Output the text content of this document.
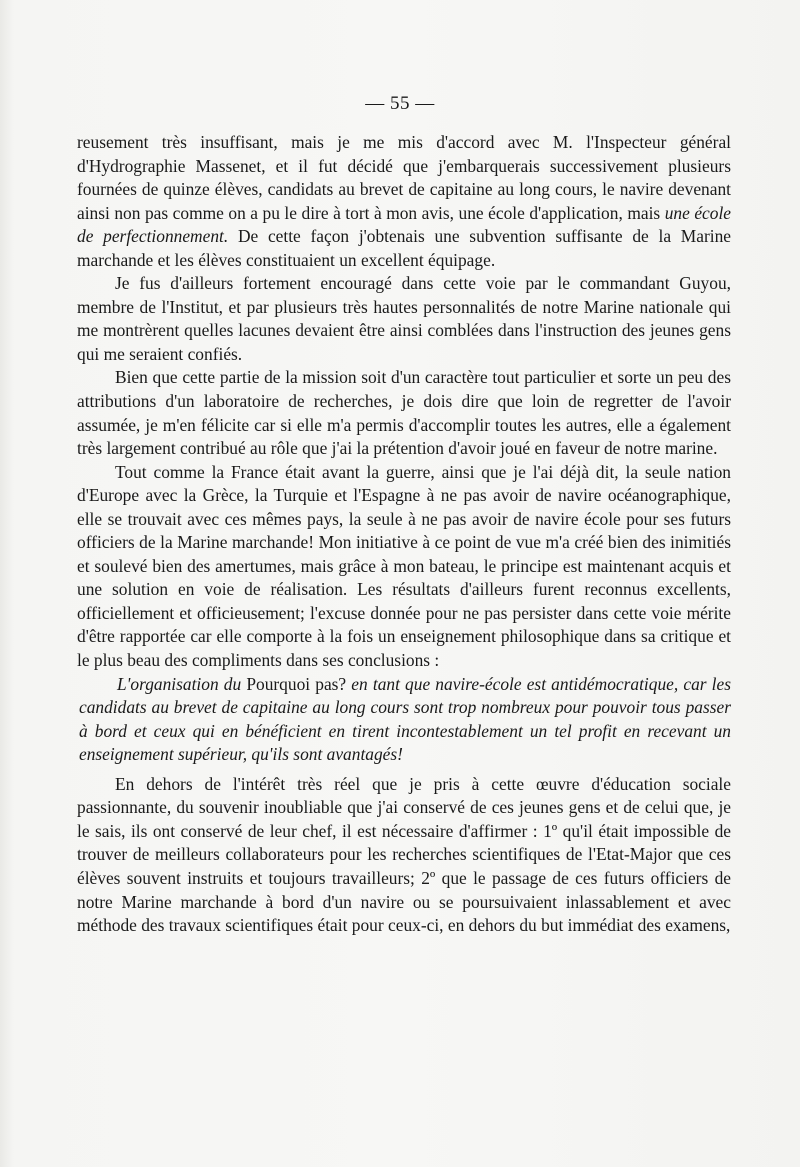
— 55 —

reusement très insuffisant, mais je me mis d'accord avec M. l'Inspecteur général d'Hydrographie Massenet, et il fut décidé que j'embarquerais successivement plusieurs fournées de quinze élèves, candidats au brevet de capitaine au long cours, le navire devenant ainsi non pas comme on a pu le dire à tort à mon avis, une école d'application, mais une école de perfectionnement. De cette façon j'obtenais une subvention suffisante de la Marine marchande et les élèves constituaient un excellent équipage.

Je fus d'ailleurs fortement encouragé dans cette voie par le commandant Guyou, membre de l'Institut, et par plusieurs très hautes personnalités de notre Marine nationale qui me montrèrent quelles lacunes devaient être ainsi comblées dans l'instruction des jeunes gens qui me seraient confiés.

Bien que cette partie de la mission soit d'un caractère tout particulier et sorte un peu des attributions d'un laboratoire de recherches, je dois dire que loin de regretter de l'avoir assumée, je m'en félicite car si elle m'a permis d'accomplir toutes les autres, elle a également très largement contribué au rôle que j'ai la prétention d'avoir joué en faveur de notre marine.

Tout comme la France était avant la guerre, ainsi que je l'ai déjà dit, la seule nation d'Europe avec la Grèce, la Turquie et l'Espagne à ne pas avoir de navire océanographique, elle se trouvait avec ces mêmes pays, la seule à ne pas avoir de navire école pour ses futurs officiers de la Marine marchande! Mon initiative à ce point de vue m'a créé bien des inimitiés et soulevé bien des amertumes, mais grâce à mon bateau, le principe est maintenant acquis et une solution en voie de réalisation. Les résultats d'ailleurs furent reconnus excellents, officiellement et officieusement; l'excuse donnée pour ne pas persister dans cette voie mérite d'être rapportée car elle comporte à la fois un enseignement philosophique dans sa critique et le plus beau des compliments dans ses conclusions :

L'organisation du Pourquoi pas? en tant que navire-école est antidémocratique, car les candidats au brevet de capitaine au long cours sont trop nombreux pour pouvoir tous passer à bord et ceux qui en bénéficient en tirent incontestablement un tel profit en recevant un enseignement supérieur, qu'ils sont avantagés!

En dehors de l'intérêt très réel que je pris à cette œuvre d'éducation sociale passionnante, du souvenir inoubliable que j'ai conservé de ces jeunes gens et de celui que, je le sais, ils ont conservé de leur chef, il est nécessaire d'affirmer : 1º qu'il était impossible de trouver de meilleurs collaborateurs pour les recherches scientifiques de l'Etat-Major que ces élèves souvent instruits et toujours travailleurs; 2º que le passage de ces futurs officiers de notre Marine marchande à bord d'un navire ou se poursuivaient inlassablement et avec méthode des travaux scientifiques était pour ceux-ci, en dehors du but immédiat des examens,
